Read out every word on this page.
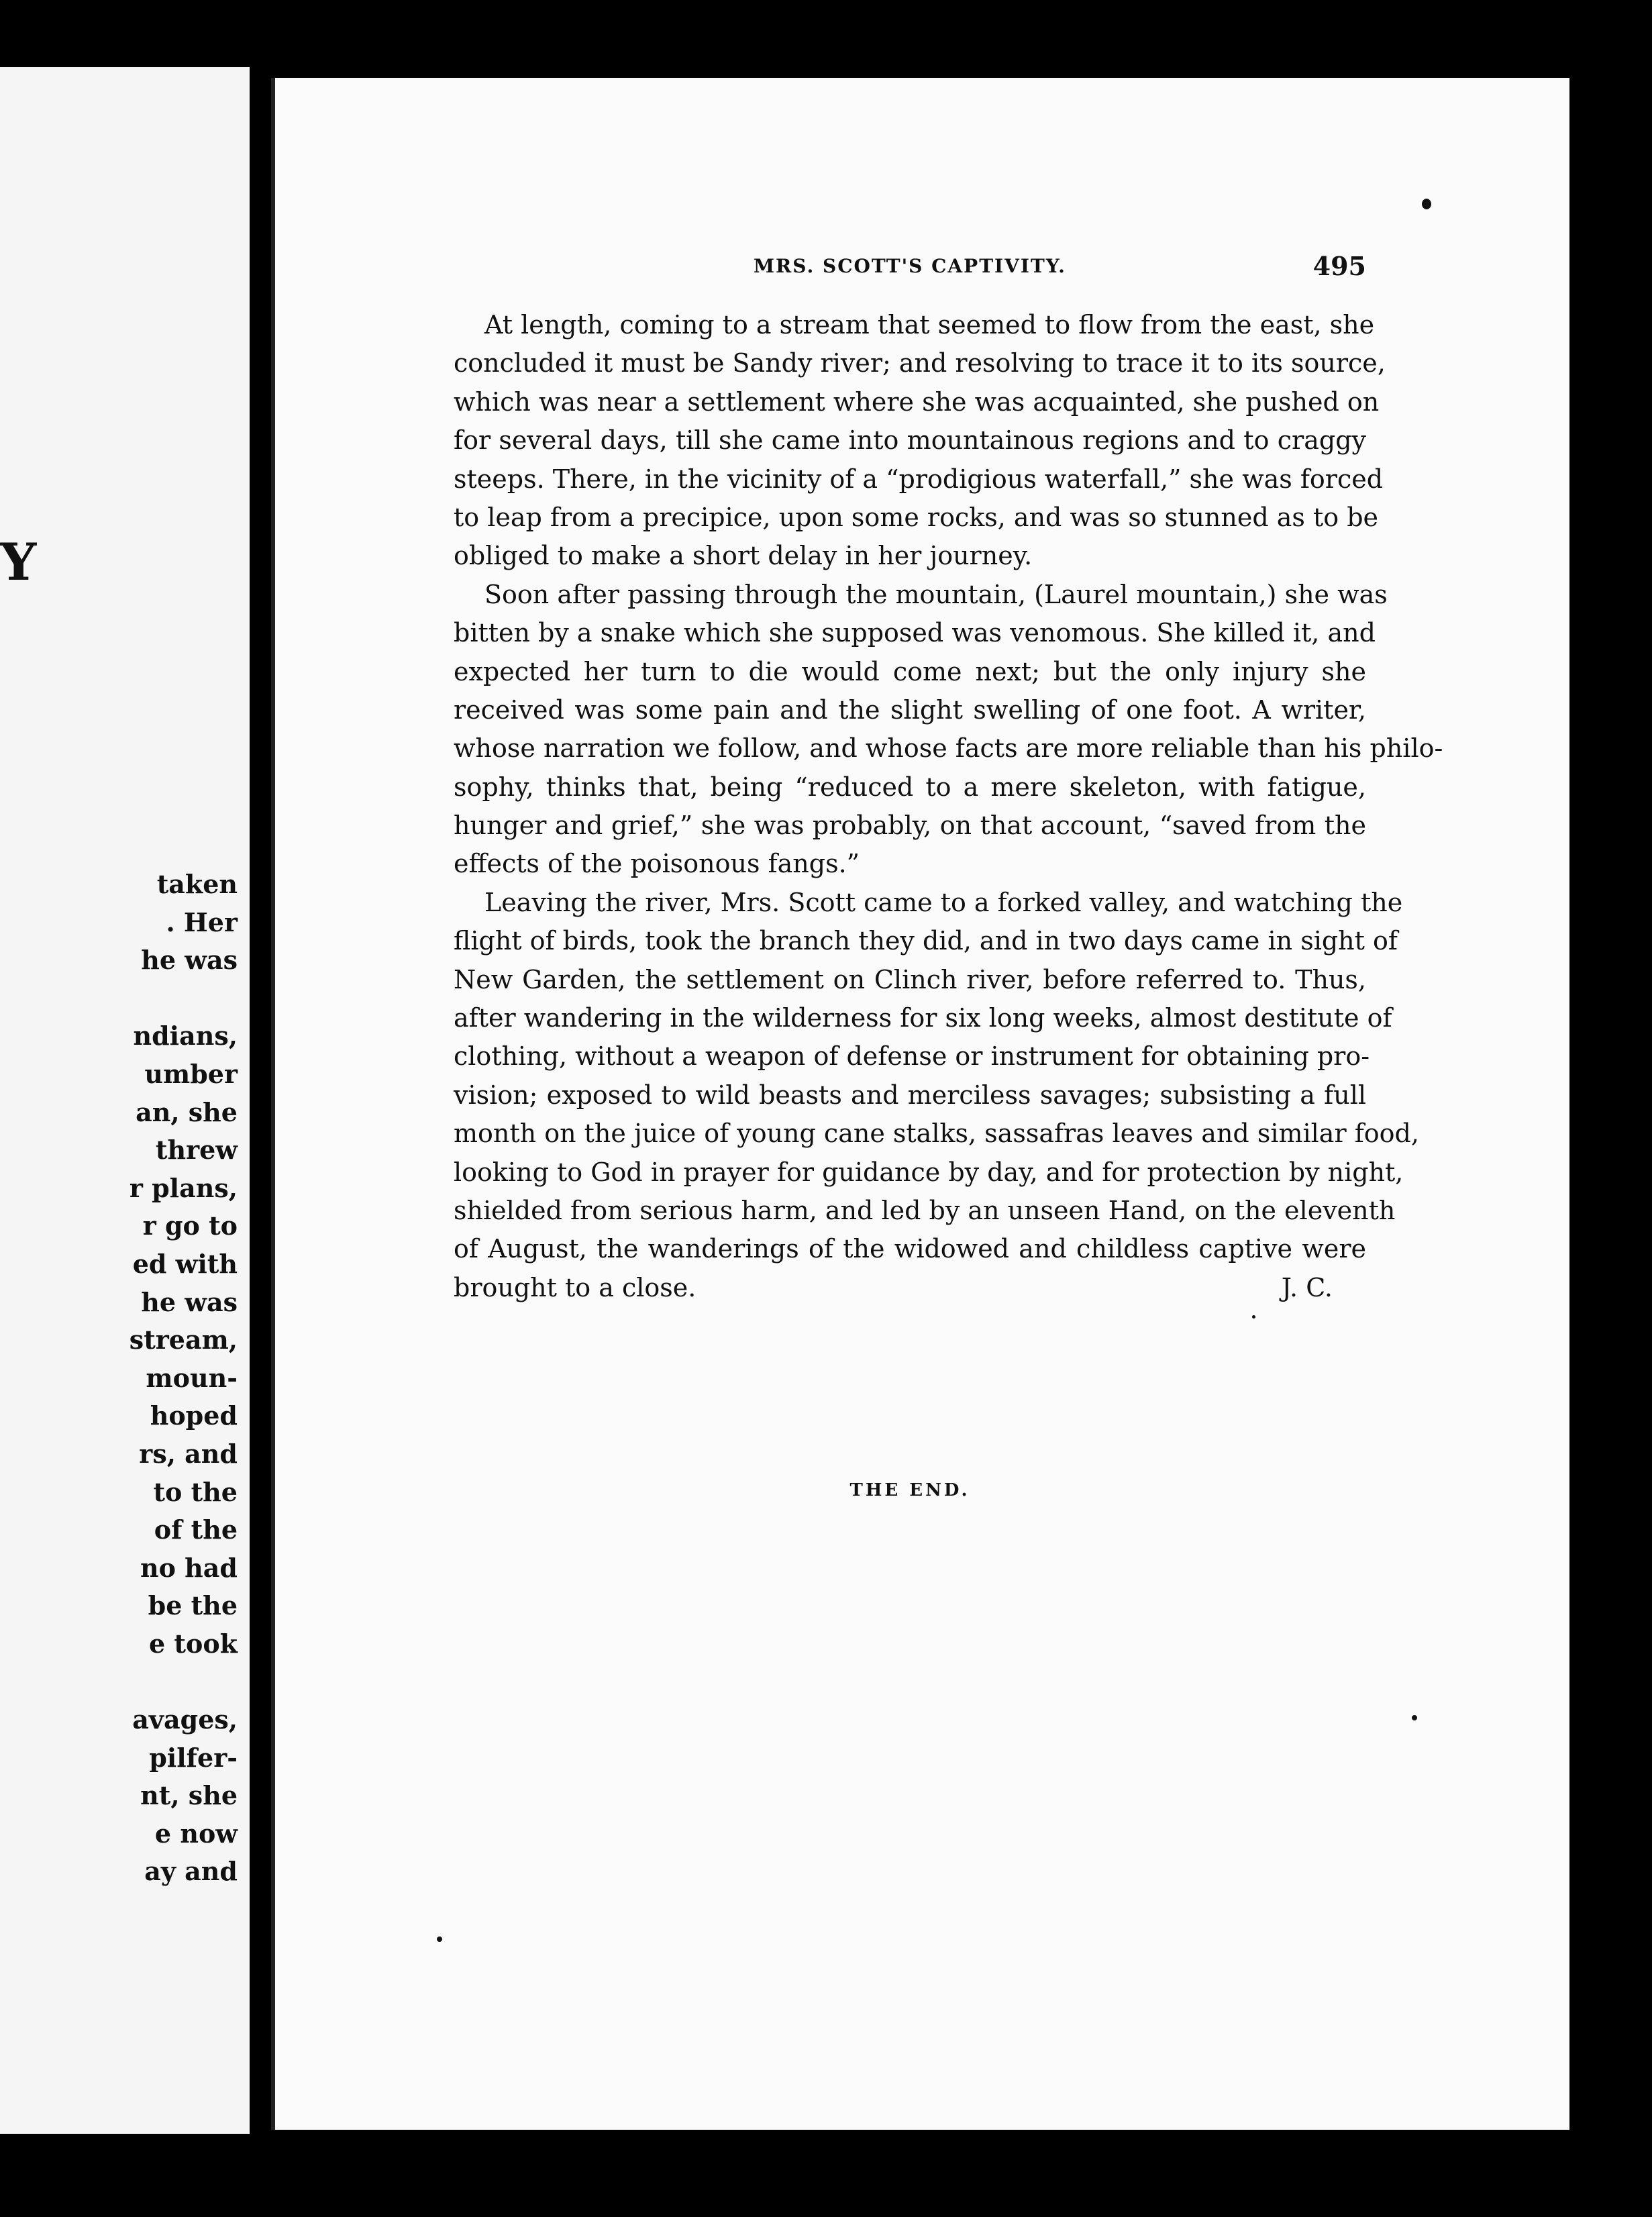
Y
taken
. Her
he was
ndians,
umber
an, she
threw
r plans,
r go to
ed with
he was
stream,
moun-
hoped
rs, and
to the
of the
no had
be the
e took
avages,
pilfer-
nt, she
e now
ay and
MRS. SCOTT'S CAPTIVITY.	495
At length, coming to a stream that seemed to flow from the east, she
concluded it must be Sandy river; and resolving to trace it to its source,
which was near a settlement where she was acquainted, she pushed on
for several days, till she came into mountainous regions and to craggy
steeps. There, in the vicinity of a “prodigious waterfall,” she was forced
to leap from a precipice, upon some rocks, and was so stunned as to be
obliged to make a short delay in her journey.
Soon after passing through the mountain, (Laurel mountain,) she was
bitten by a snake which she supposed was venomous. She killed it, and
expected her turn to die would come next; but the only injury she
received was some pain and the slight swelling of one foot. A writer,
whose narration we follow, and whose facts are more reliable than his philo-
sophy, thinks that, being “reduced to a mere skeleton, with fatigue,
hunger and grief,” she was probably, on that account, “saved from the
effects of the poisonous fangs.”
Leaving the river, Mrs. Scott came to a forked valley, and watching the
flight of birds, took the branch they did, and in two days came in sight of
New Garden, the settlement on Clinch river, before referred to. Thus,
after wandering in the wilderness for six long weeks, almost destitute of
clothing, without a weapon of defense or instrument for obtaining pro-
vision; exposed to wild beasts and merciless savages; subsisting a full
month on the juice of young cane stalks, sassafras leaves and similar food,
looking to God in prayer for guidance by day, and for protection by night,
shielded from serious harm, and led by an unseen Hand, on the eleventh
of August, the wanderings of the widowed and childless captive were
brought to a close.	J. C.
THE END.
